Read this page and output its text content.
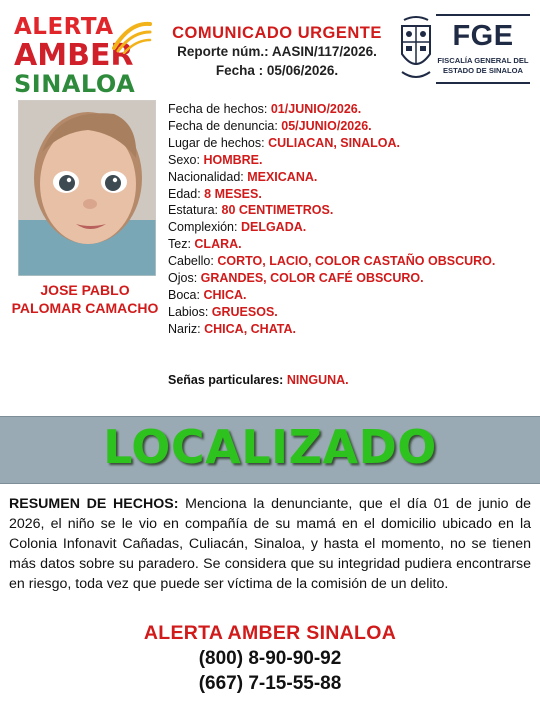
ALERTA
AMBER
SINALOA
COMUNICADO URGENTE
Reporte núm.: AASIN/117/2026.
Fecha : 05/06/2026.
FGE
FISCALÍA GENERAL DEL
ESTADO DE SINALOA
JOSE PABLO
PALOMAR CAMACHO
Fecha de hechos: 01/JUNIO/2026.
Fecha de denuncia: 05/JUNIO/2026.
Lugar de hechos: CULIACAN, SINALOA.
Sexo: HOMBRE.
Nacionalidad: MEXICANA.
Edad: 8 MESES.
Estatura: 80 CENTIMETROS.
Complexión: DELGADA.
Tez: CLARA.
Cabello: CORTO, LACIO, COLOR CASTAÑO OBSCURO.
Ojos: GRANDES, COLOR CAFÉ OBSCURO.
Boca: CHICA.
Labios: GRUESOS.
Nariz: CHICA, CHATA.
Señas particulares: NINGUNA.
LOCALIZADO
RESUMEN DE HECHOS: Menciona la denunciante, que el día 01 de junio de 2026, el niño se le vio en compañía de su mamá en el domicilio ubicado en la Colonia Infonavit Cañadas, Culiacán, Sinaloa, y hasta el momento, no se tienen más datos sobre su paradero. Se considera que su integridad pudiera encontrarse en riesgo, toda vez que puede ser víctima de la comisión de un delito.
ALERTA AMBER SINALOA
(800) 8-90-90-92
(667) 7-15-55-88
